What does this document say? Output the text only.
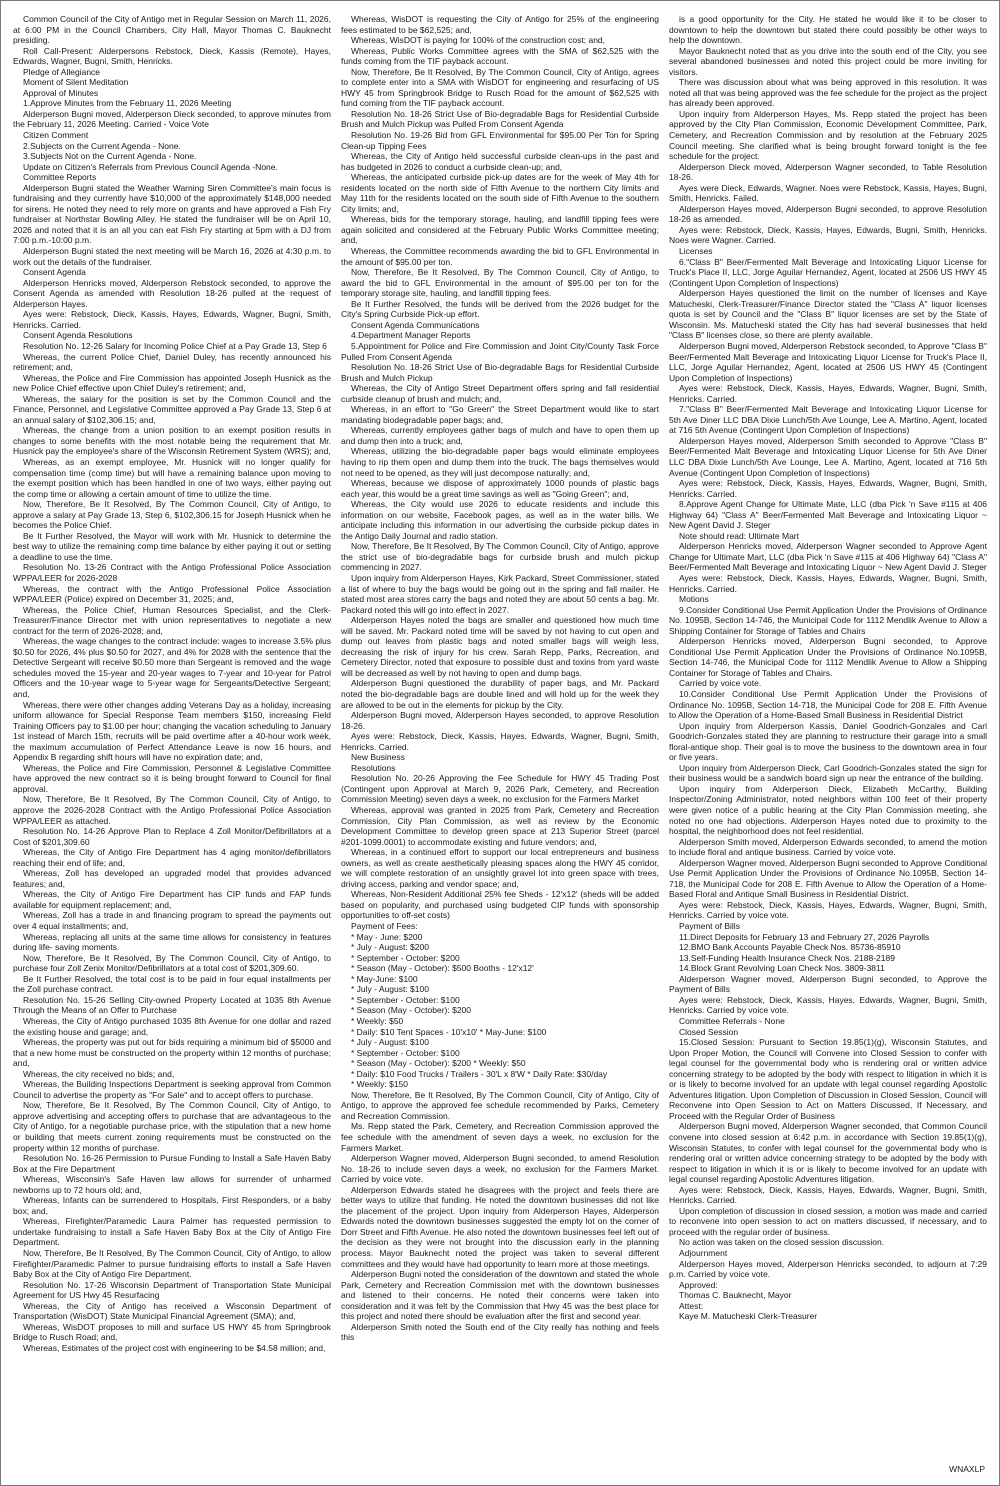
Common Council of the City of Antigo met in Regular Session on March 11, 2026, at 6:00 PM in the Council Chambers, City Hall, Mayor Thomas C. Bauknecht presiding.

Roll Call-Present: Alderpersons Rebstock, Dieck, Kassis (Remote), Hayes, Edwards, Wagner, Bugni, Smith, Henricks.

Pledge of Allegiance

Moment of Silent Meditation

Approval of Minutes

1.Approve Minutes from the February 11, 2026 Meeting

Alderperson Bugni moved, Alderperson Dieck seconded, to approve minutes from the February 11, 2026 Meeting. Carried - Voice Vote

Citizen Comment

2.Subjects on the Current Agenda - None.

3.Subjects Not on the Current Agenda - None.

Update on Citizen's Referrals from Previous Council Agenda -None.

Committee Reports

Alderperson Bugni stated the Weather Warning Siren Committee's main focus is fundraising and they currently have $10,000 of the approximately $148,000 needed for sirens. He noted they need to rely more on grants and have approved a Fish Fry fundraiser at Northstar Bowling Alley. He stated the fundraiser will be on April 10, 2026 and noted that it is an all you can eat Fish Fry starting at 5pm with a DJ from 7:00 p.m.-10:00 p.m.

Alderperson Bugni stated the next meeting will be March 16, 2026 at 4:30 p.m. to work out the details of the fundraiser.

Consent Agenda

Alderperson Henricks moved, Alderperson Rebstock seconded, to approve the Consent Agenda as amended with Resolution 18-26 pulled at the request of Alderperson Hayes.

Ayes were: Rebstock, Dieck, Kassis, Hayes, Edwards, Wagner, Bugni, Smith, Henricks. Carried.

Consent Agenda Resolutions

Resolution No. 12-26 Salary for Incoming Police Chief at a Pay Grade 13, Step 6

Whereas, the current Police Chief, Daniel Duley, has recently announced his retirement; and,

Whereas, the Police and Fire Commission has appointed Joseph Husnick as the new Police Chief effective upon Chief Duley's retirement; and,

Whereas, the salary for the position is set by the Common Council and the Finance, Personnel, and Legislative Committee approved a Pay Grade 13, Step 6 at an annual salary of $102,306.15; and,

Whereas, the change from a union position to an exempt position results in changes to some benefits with the most notable being the requirement that Mr. Husnick pay the employee's share of the Wisconsin Retirement System (WRS); and,

Whereas, as an exempt employee, Mr. Husnick will no longer qualify for compensation time (comp time) but will have a remaining balance upon moving to the exempt position which has been handled in one of two ways, either paying out the comp time or allowing a certain amount of time to utilize the time.

Now, Therefore, Be It Resolved, By The Common Council, City of Antigo, to approve a salary at Pay Grade 13, Step 6, $102,306.15 for Joseph Husnick when he becomes the Police Chief.

Be It Further Resolved, the Mayor will work with Mr. Husnick to determine the best way to utilize the remaining comp time balance by either paying it out or setting a deadline to use the time.

Resolution No. 13-26 Contract with the Antigo Professional Police Association WPPA/LEER for 2026-2028

Whereas, the contract with the Antigo Professional Police Association WPPA/LEER (Police) expired on December 31, 2025; and,

Whereas, the Police Chief, Human Resources Specialist, and the Clerk-Treasurer/Finance Director met with union representatives to negotiate a new contract for the term of 2026-2028; and,

Whereas, the wage changes to the contract include: wages to increase 3.5% plus $0.50 for 2026, 4% plus $0.50 for 2027, and 4% for 2028 with the sentence that the Detective Sergeant will receive $0.50 more than Sergeant is removed and the wage schedules moved the 15-year and 20-year wages to 7-year and 10-year for Patrol Officers and the 10-year wage to 5-year wage for Sergeants/Detective Sergeant; and,

Whereas, there were other changes adding Veterans Day as a holiday, increasing uniform allowance for Special Response Team members $150, increasing Field Training Officers pay to $1.00 per hour; changing the vacation scheduling to January 1st instead of March 15th, recruits will be paid overtime after a 40-hour work week, the maximum accumulation of Perfect Attendance Leave is now 16 hours, and Appendix B regarding shift hours will have no expiration date; and,

Whereas, the Police and Fire Commission, Personnel & Legislative Committee have approved the new contract so it is being brought forward to Council for final approval.

Now, Therefore, Be It Resolved, By The Common Council, City of Antigo, to approve the 2026-2028 Contract with the Antigo Professional Police Association WPPA/LEER as attached.

Resolution No. 14-26 Approve Plan to Replace 4 Zoll Monitor/Defibrillators at a Cost of $201,309.60

Whereas, the City of Antigo Fire Department has 4 aging monitor/defibrillators reaching their end of life; and,

Whereas, Zoll has developed an upgraded model that provides advanced features; and,

Whereas, the City of Antigo Fire Department has CIP funds and FAP funds available for equipment replacement; and,

Whereas, Zoll has a trade in and financing program to spread the payments out over 4 equal installments; and,

Whereas, replacing all units at the same time allows for consistency in features during life- saving moments.

Now, Therefore, Be It Resolved, By The Common Council, City of Antigo, to purchase four Zoll Zenix Monitor/Defibrillators at a total cost of $201,309.60.

Be It Further Resolved, the total cost is to be paid in four equal installments per the Zoll purchase contract.

Resolution No. 15-26 Selling City-owned Property Located at 1035 8th Avenue Through the Means of an Offer to Purchase

Whereas, the City of Antigo purchased 1035 8th Avenue for one dollar and razed the existing house and garage; and,

Whereas, the property was put out for bids requiring a minimum bid of $5000 and that a new home must be constructed on the property within 12 months of purchase; and,

Whereas, the city received no bids; and,

Whereas, the Building Inspections Department is seeking approval from Common Council to advertise the property as "For Sale" and to accept offers to purchase.

Now, Therefore, Be It Resolved, By The Common Council, City of Antigo, to approve advertising and accepting offers to purchase that are advantageous to the City of Antigo, for a negotiable purchase price, with the stipulation that a new home or building that meets current zoning requirements must be constructed on the property within 12 months of purchase.

Resolution No. 16-26 Permission to Pursue Funding to Install a Safe Haven Baby Box at the Fire Department

Whereas, Wisconsin's Safe Haven law allows for surrender of unharmed newborns up to 72 hours old; and,

Whereas, Infants can be surrendered to Hospitals, First Responders, or a baby box; and,

Whereas, Firefighter/Paramedic Laura Palmer has requested permission to undertake fundraising to install a Safe Haven Baby Box at the City of Antigo Fire Department.

Now, Therefore, Be It Resolved, By The Common Council, City of Antigo, to allow Firefighter/Paramedic Palmer to pursue fundraising efforts to install a Safe Haven Baby Box at the City of Antigo Fire Department.

Resolution No. 17-26 Wisconsin Department of Transportation State Municipal Agreement for US Hwy 45 Resurfacing

Whereas, the City of Antigo has received a Wisconsin Department of Transportation (WisDOT) State Municipal Financial Agreement (SMA); and,

Whereas, WisDOT proposes to mill and surface US HWY 45 from Springbrook Bridge to Rusch Road; and,

Whereas, Estimates of the project cost with engineering to be $4.58 million; and,

Whereas, WisDOT is requesting the City of Antigo for 25% of the engineering fees estimated to be $62,525; and,

Whereas, WisDOT is paying for 100% of the construction cost; and,

Whereas, Public Works Committee agrees with the SMA of $62,525 with the funds coming from the TIF payback account.

Now, Therefore, Be It Resolved, By The Common Council, City of Antigo, agrees to complete enter into a SMA with WisDOT for engineering and resurfacing of US HWY 45 from Springbrook Bridge to Rusch Road for the amount of $62,525 with fund coming from the TIF payback account.

Resolution No. 18-26 Strict Use of Bio-degradable Bags for Residential Curbside Brush and Mulch Pickup was Pulled From Consent Agenda

Resolution No. 19-26 Bid from GFL Environmental for $95.00 Per Ton for Spring Clean-up Tipping Fees

Whereas, the City of Antigo held successful curbside clean-ups in the past and has budgeted in 2026 to conduct a curbside clean-up; and,

Whereas, the anticipated curbside pick-up dates are for the week of May 4th for residents located on the north side of Fifth Avenue to the northern City limits and May 11th for the residents located on the south side of Fifth Avenue to the southern City limits; and,

Whereas, bids for the temporary storage, hauling, and landfill tipping fees were again solicited and considered at the February Public Works Committee meeting; and,

Whereas, the Committee recommends awarding the bid to GFL Environmental in the amount of $95.00 per ton.

Now, Therefore, Be It Resolved, By The Common Council, City of Antigo, to award the bid to GFL Environmental in the amount of $95.00 per ton for the temporary storage site, hauling, and landfill tipping fees.

Be It Further Resolved, the funds will be derived from the 2026 budget for the City's Spring Curbside Pick-up effort.

Consent Agenda Communications

4.Department Manager Reports

5.Appointment for Police and Fire Commission and Joint City/County Task Force Pulled From Consent Agenda

Resolution No. 18-26 Strict Use of Bio-degradable Bags for Residential Curbside Brush and Mulch Pickup

Whereas, the City of Antigo Street Department offers spring and fall residential curbside cleanup of brush and mulch; and,

Whereas, in an effort to "Go Green" the Street Department would like to start mandating biodegradable paper bags; and,

Whereas, currently employees gather bags of mulch and have to open them up and dump then into a truck; and,

Whereas, utilizing the bio-degradable paper bags would eliminate employees having to rip them open and dump them into the truck. The bags themselves would not need to be opened, as they will just decompose naturally; and,

Whereas, because we dispose of approximately 1000 pounds of plastic bags each year, this would be a great time savings as well as "Going Green"; and,

Whereas, the City would use 2026 to educate residents and include this information on our website, Facebook pages, as well as in the water bills. We anticipate including this information in our advertising the curbside pickup dates in the Antigo Daily Journal and radio station.

Now, Therefore, Be It Resolved, By The Common Council, City of Antigo, approve the strict use of bio-degradable bags for curbside brush and mulch pickup commencing in 2027.

Upon inquiry from Alderperson Hayes, Kirk Packard, Street Commissioner, stated a list of where to buy the bags would be going out in the spring and fall mailer. He stated most area stores carry the bags and noted they are about 50 cents a bag. Mr. Packard noted this will go into effect in 2027.

Alderperson Hayes noted the bags are smaller and questioned how much time will be saved. Mr. Packard noted time will be saved by not having to cut open and dump out leaves from plastic bags and noted smaller bags will weigh less, decreasing the risk of injury for his crew. Sarah Repp, Parks, Recreation, and Cemetery Director, noted that exposure to possible dust and toxins from yard waste will be decreased as well by not having to open and dump bags.

Alderperson Bugni questioned the durability of paper bags, and Mr. Packard noted the bio-degradable bags are double lined and will hold up for the week they are allowed to be out in the elements for pickup by the City.

Alderperson Bugni moved, Alderperson Hayes seconded, to approve Resolution 18-26.

Ayes were: Rebstock, Dieck, Kassis, Hayes, Edwards, Wagner, Bugni, Smith, Henricks. Carried.

New Business

Resolutions

Resolution No. 20-26 Approving the Fee Schedule for HWY 45 Trading Post (Contingent upon Approval at March 9, 2026 Park, Cemetery, and Recreation Commission Meeting) seven days a week, no exclusion for the Farmers Market

Whereas, approval was granted in 2025 from Park, Cemetery and Recreation Commission, City Plan Commission, as well as review by the Economic Development Committee to develop green space at 213 Superior Street (parcel #201-1099.0001) to accommodate existing and future vendors; and,

Whereas, in a continued effort to support our local entrepreneurs and business owners, as well as create aesthetically pleasing spaces along the HWY 45 corridor, we will complete restoration of an unsightly gravel lot into green space with trees, driving access, parking and vendor space; and,

Whereas, Non-Resident Additional 25% fee Sheds - 12'x12' (sheds will be added based on popularity, and purchased using budgeted CIP funds with sponsorship opportunities to off-set costs)

Payment of Fees:

* May - June: $200

* July - August: $200

* September - October: $200

* Season (May - October): $500 Booths - 12'x12'

* May-June: $100

* July - August: $100

* September - October: $100

* Season (May - October): $200

* Weekly: $50

* Daily: $10 Tent Spaces - 10'x10' * May-June: $100

* July - August: $100

* September - October: $100

* Season (May - October): $200 * Weekly: $50

* Daily: $10 Food Trucks / Trailers - 30'L x 8'W * Daily Rate: $30/day

* Weekly: $150

Now, Therefore, Be It Resolved, By The Common Council, City of Antigo, City of Antigo, to approve the approved fee schedule recommended by Parks, Cemetery and Recreation Commission.

Ms. Repp stated the Park, Cemetery, and Recreation Commission approved the fee schedule with the amendment of seven days a week, no exclusion for the Farmers Market.

Alderperson Wagner moved, Alderperson Bugni seconded, to amend Resolution No. 18-26 to include seven days a week, no exclusion for the Farmers Market. Carried by voice vote.

Alderperson Edwards stated he disagrees with the project and feels there are better ways to utilize that funding. He noted the downtown businesses did not like the placement of the project. Upon inquiry from Alderperson Hayes, Alderperson Edwards noted the downtown businesses suggested the empty lot on the corner of Dorr Street and Fifth Avenue. He also noted the downtown businesses feel left out of the decision as they were not brought into the discussion early in the planning process. Mayor Bauknecht noted the project was taken to several different committees and they would have had opportunity to learn more at those meetings.

Alderperson Bugni noted the consideration of the downtown and stated the whole Park, Cemetery and Recreation Commission met with the downtown businesses and listened to their concerns. He noted their concerns were taken into consideration and it was felt by the Commission that Hwy 45 was the best place for this project and noted there should be evaluation after the first and second year.

Alderperson Smith noted the South end of the City really has nothing and feels this

is a good opportunity for the City. He stated he would like it to be closer to downtown to help the downtown but stated there could possibly be other ways to help the downtown.

Mayor Bauknecht noted that as you drive into the south end of the City, you see several abandoned businesses and noted this project could be more inviting for visitors.

There was discussion about what was being approved in this resolution. It was noted all that was being approved was the fee schedule for the project as the project has already been approved.

Upon inquiry from Alderperson Hayes, Ms. Repp stated the project has been approved by the City Plan Commission, Economic Development Committee, Park, Cemetery, and Recreation Commission and by resolution at the February 2025 Council meeting. She clarified what is being brought forward tonight is the fee schedule for the project.

Alderperson Dieck moved, Alderperson Wagner seconded, to Table Resolution 18-26.

Ayes were Dieck, Edwards, Wagner. Noes were Rebstock, Kassis, Hayes, Bugni, Smith, Henricks. Failed.

Alderperson Hayes moved, Alderperson Bugni seconded, to approve Resolution 18-26 as amended.

Ayes were: Rebstock, Dieck, Kassis, Hayes, Edwards, Bugni, Smith, Henricks. Noes were Wagner. Carried.

Licenses

6."Class B" Beer/Fermented Malt Beverage and Intoxicating Liquor License for Truck's Place II, LLC, Jorge Aguilar Hernandez, Agent, located at 2506 US HWY 45 (Contingent Upon Completion of Inspections)

Alderperson Hayes questioned the limit on the number of licenses and Kaye Matucheski, Clerk-Treasurer/Finance Director stated the "Class A" liquor licenses quota is set by Council and the "Class B" liquor licenses are set by the State of Wisconsin. Ms. Matucheski stated the City has had several businesses that held "Class B" licenses close, so there are plenty available.

Alderperson Bugni moved, Alderperson Rebstock seconded, to Approve "Class B" Beer/Fermented Malt Beverage and Intoxicating Liquor License for Truck's Place II, LLC, Jorge Aguilar Hernandez, Agent, located at 2506 US HWY 45 (Contingent Upon Completion of Inspections)

Ayes were: Rebstock, Dieck, Kassis, Hayes, Edwards, Wagner, Bugni, Smith, Henricks. Carried.

7."Class B" Beer/Fermented Malt Beverage and Intoxicating Liquor License for 5th Ave Diner LLC DBA Dixie Lunch/5th Ave Lounge, Lee A. Martino, Agent, located at 716 5th Avenue (Contingent Upon Completion of Inspections)

Alderperson Hayes moved, Alderperson Smith seconded to Approve "Class B" Beer/Fermented Malt Beverage and Intoxicating Liquor License for 5th Ave Diner LLC DBA Dixie Lunch/5th Ave Lounge, Lee A. Martino, Agent, located at 716 5th Avenue (Contingent Upon Completion of Inspections)

Ayes were: Rebstock, Dieck, Kassis, Hayes, Edwards, Wagner, Bugni, Smith, Henricks. Carried.

8.Approve Agent Change for Ultimate Mate, LLC (dba Pick 'n Save #115 at 406 Highway 64) "Class A" Beer/Fermented Malt Beverage and Intoxicating Liquor ~ New Agent David J. Steger

Note should read: Ultimate Mart

Alderperson Henricks moved, Alderperson Wagner seconded to Approve Agent Change for Ultimate Mart, LLC (dba Pick 'n Save #115 at 406 Highway 64) "Class A" Beer/Fermented Malt Beverage and Intoxicating Liquor ~ New Agent David J. Steger

Ayes were: Rebstock, Dieck, Kassis, Hayes, Edwards, Wagner, Bugni, Smith, Henricks. Carried.

Motions

9.Consider Conditional Use Permit Application Under the Provisions of Ordinance No. 1095B, Section 14-746, the Municipal Code for 1112 Mendlik Avenue to Allow a Shipping Container for Storage of Tables and Chairs

Alderperson Henricks moved, Alderperson Bugni seconded, to Approve Conditional Use Permit Application Under the Provisions of Ordinance No.1095B, Section 14-746, the Municipal Code for 1112 Mendlik Avenue to Allow a Shipping Container for Storage of Tables and Chairs.

Carried by voice vote.

10.Consider Conditional Use Permit Application Under the Provisions of Ordinance No. 1095B, Section 14-718, the Municipal Code for 208 E. Fifth Avenue to Allow the Operation of a Home-Based Small Business in Residential District

Upon inquiry from Alderperson Kassis, Daniel Goodrich-Gonzales and Carl Goodrich-Gonzales stated they are planning to restructure their garage into a small floral-antique shop. Their goal is to move the business to the downtown area in four or five years.

Upon inquiry from Alderperson Dieck, Carl Goodrich-Gonzales stated the sign for their business would be a sandwich board sign up near the entrance of the building.

Upon inquiry from Alderperson Dieck, Elizabeth McCarthy, Building Inspector/Zoning Administrator, noted neighbors within 100 feet of their property were given notice of a public hearing at the City Plan Commission meeting, she noted no one had objections. Alderperson Hayes noted due to proximity to the hospital, the neighborhood does not feel residential.

Alderperson Smith moved, Alderperson Edwards seconded, to amend the motion to include floral and antique business. Carried by voice vote.

Alderperson Wagner moved, Alderperson Bugni seconded to Approve Conditional Use Permit Application Under the Provisions of Ordinance No.1095B, Section 14-718, the Municipal Code for 208 E. Fifth Avenue to Allow the Operation of a Home-Based Floral and Antique Small Business in Residential District.

Ayes were: Rebstock, Dieck, Kassis, Hayes, Edwards, Wagner, Bugni, Smith, Henricks. Carried by voice vote.

Payment of Bills

11.Direct Deposits for February 13 and February 27, 2026 Payrolls

12.BMO Bank Accounts Payable Check Nos. 85736-85910

13.Self-Funding Health Insurance Check Nos. 2188-2189

14.Block Grant Revolving Loan Check Nos. 3809-3811

Alderperson Wagner moved, Alderperson Bugni seconded, to Approve the Payment of Bills

Ayes were: Rebstock, Dieck, Kassis, Hayes, Edwards, Wagner, Bugni, Smith, Henricks. Carried by voice vote.

Committee Referrals - None

Closed Session

15.Closed Session: Pursuant to Section 19.85(1)(g), Wisconsin Statutes, and Upon Proper Motion, the Council will Convene into Closed Session to confer with legal counsel for the governmental body who is rendering oral or written advice concerning strategy to be adopted by the body with respect to litigation in which it is or is likely to become involved for an update with legal counsel regarding Apostolic Adventures litigation. Upon Completion of Discussion in Closed Session, Council will Reconvene into Open Session to Act on Matters Discussed, If Necessary, and Proceed with the Regular Order of Business

Alderperson Bugni moved, Alderperson Wagner seconded, that Common Council convene into closed session at 6:42 p.m. in accordance with Section 19.85(1)(g), Wisconsin Statutes, to confer with legal counsel for the governmental body who is rendering oral or written advice concerning strategy to be adopted by the body with respect to litigation in which it is or is likely to become involved for an update with legal counsel regarding Apostolic Adventures litigation.

Ayes were: Rebstock, Dieck, Kassis, Hayes, Edwards, Wagner, Bugni, Smith, Henricks. Carried.

Upon completion of discussion in closed session, a motion was made and carried to reconvene into open session to act on matters discussed, if necessary, and to proceed with the regular order of business.

No action was taken on the closed session discussion.

Adjournment

Alderperson Hayes moved, Alderperson Henricks seconded, to adjourn at 7:29 p.m. Carried by voice vote.

Approved:

Thomas C. Bauknecht, Mayor

Attest:

Kaye M. Matucheski Clerk-Treasurer

WNAXLP
